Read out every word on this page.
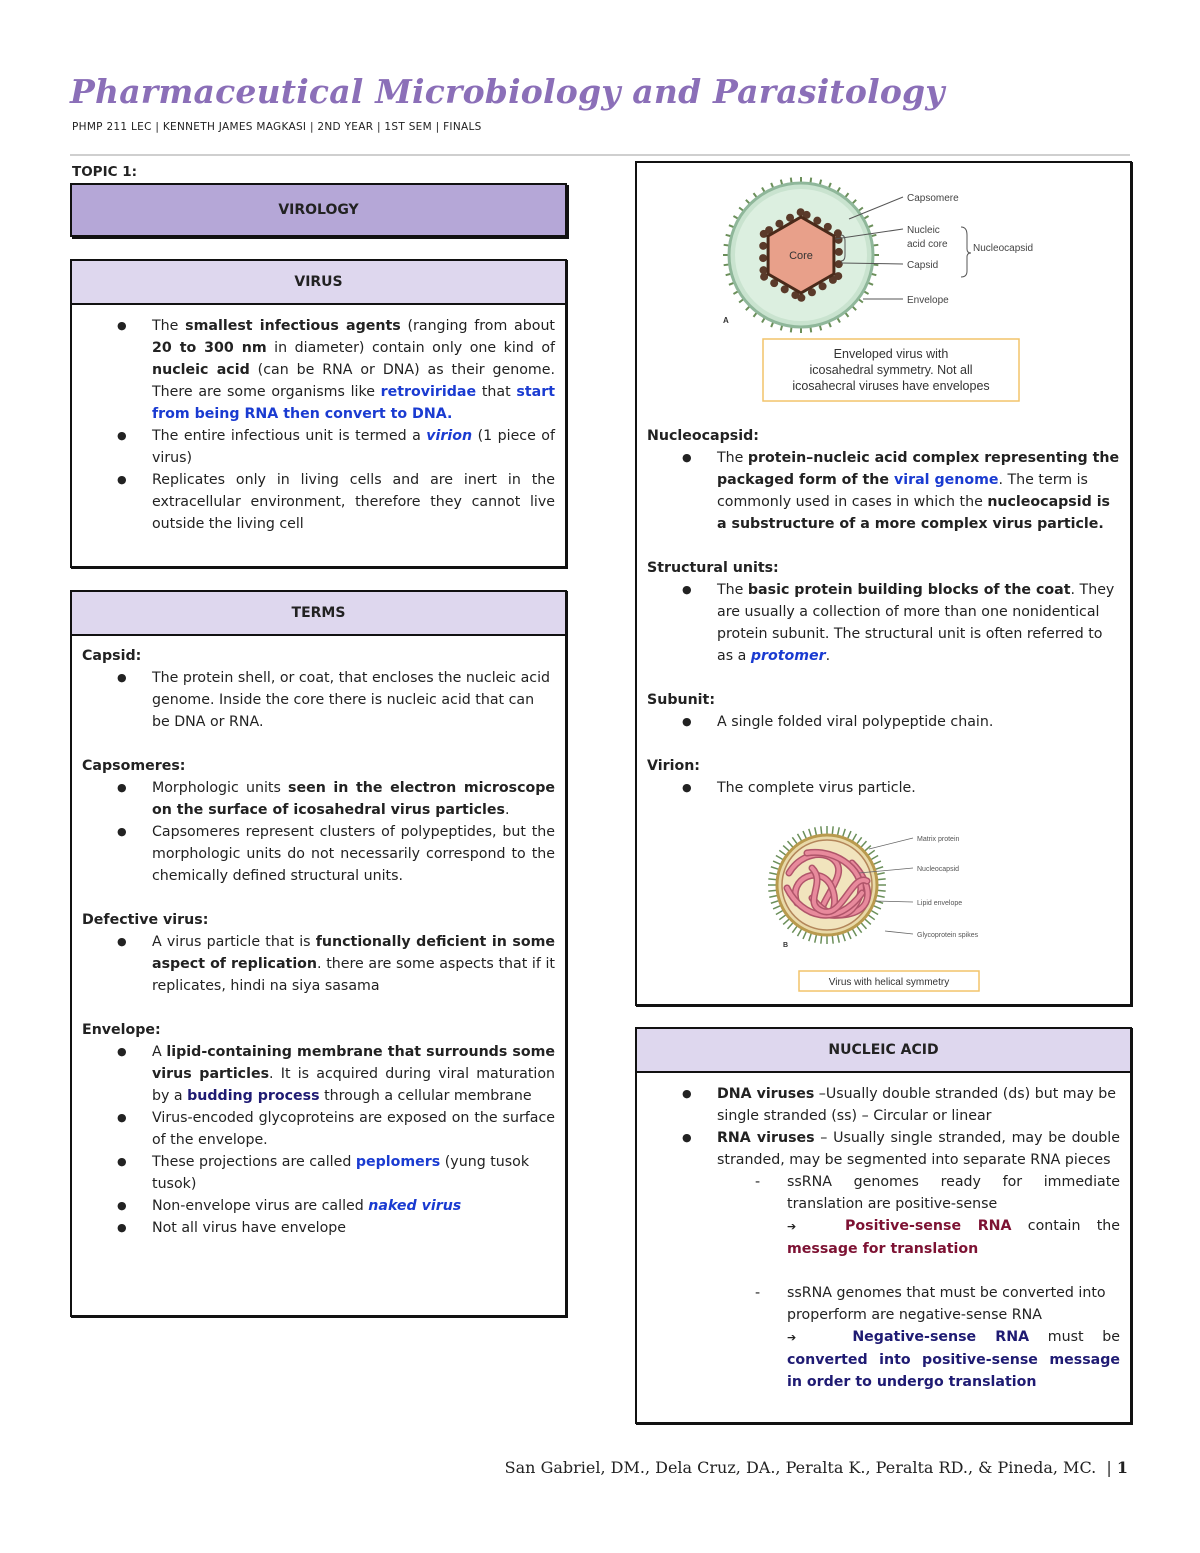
Pharmaceutical Microbiology and Parasitology
PHMP 211 LEC | KENNETH JAMES MAGKASI | 2ND YEAR | 1ST SEM | FINALS
TOPIC 1:
VIROLOGY
VIRUS
● The smallest infectious agents (ranging from about 20 to 300 nm in diameter) contain only one kind of nucleic acid (can be RNA or DNA) as their genome. There are some organisms like retroviridae that start from being RNA then convert to DNA.
● The entire infectious unit is termed a virion (1 piece of virus)
● Replicates only in living cells and are inert in the extracellular environment, therefore they cannot live outside the living cell
TERMS
Capsid:
● The protein shell, or coat, that encloses the nucleic acid genome. Inside the core there is nucleic acid that can be DNA or RNA.
Capsomeres:
● Morphologic units seen in the electron microscope on the surface of icosahedral virus particles.
● Capsomeres represent clusters of polypeptides, but the morphologic units do not necessarily correspond to the chemically defined structural units.
Defective virus:
● A virus particle that is functionally deficient in some aspect of replication. there are some aspects that if it replicates, hindi na siya sasama
Envelope:
● A lipid-containing membrane that surrounds some virus particles. It is acquired during viral maturation by a budding process through a cellular membrane
● Virus-encoded glycoproteins are exposed on the surface of the envelope.
● These projections are called peplomers (yung tusok tusok)
● Non-envelope virus are called naked virus
● Not all virus have envelope
Core
Capsomere
Nucleic
acid core
Capsid
Envelope
Nucleocapsid
A
Enveloped virus with
icosahedral symmetry. Not all
icosahecral viruses have envelopes
Nucleocapsid:
● The protein–nucleic acid complex representing the packaged form of the viral genome. The term is commonly used in cases in which the nucleocapsid is a substructure of a more complex virus particle.
Structural units:
● The basic protein building blocks of the coat. They are usually a collection of more than one nonidentical protein subunit. The structural unit is often referred to as a protomer.
Subunit:
● A single folded viral polypeptide chain.
Virion:
● The complete virus particle.
Matrix protein
Nucleocapsid
Lipid envelope
Glycoprotein spikes
B
Virus with helical symmetry
NUCLEIC ACID
● DNA viruses –Usually double stranded (ds) but may be single stranded (ss) – Circular or linear
● RNA viruses – Usually single stranded, may be double stranded, may be segmented into separate RNA pieces
- ssRNA genomes ready for immediate translation are positive-sense
➔	Positive-sense RNA contain the message for translation
- ssRNA genomes that must be converted into properform are negative-sense RNA
➔	Negative-sense RNA must be converted into positive-sense message in order to undergo translation
San Gabriel, DM., Dela Cruz, DA., Peralta K., Peralta RD., & Pineda, MC. | 1
